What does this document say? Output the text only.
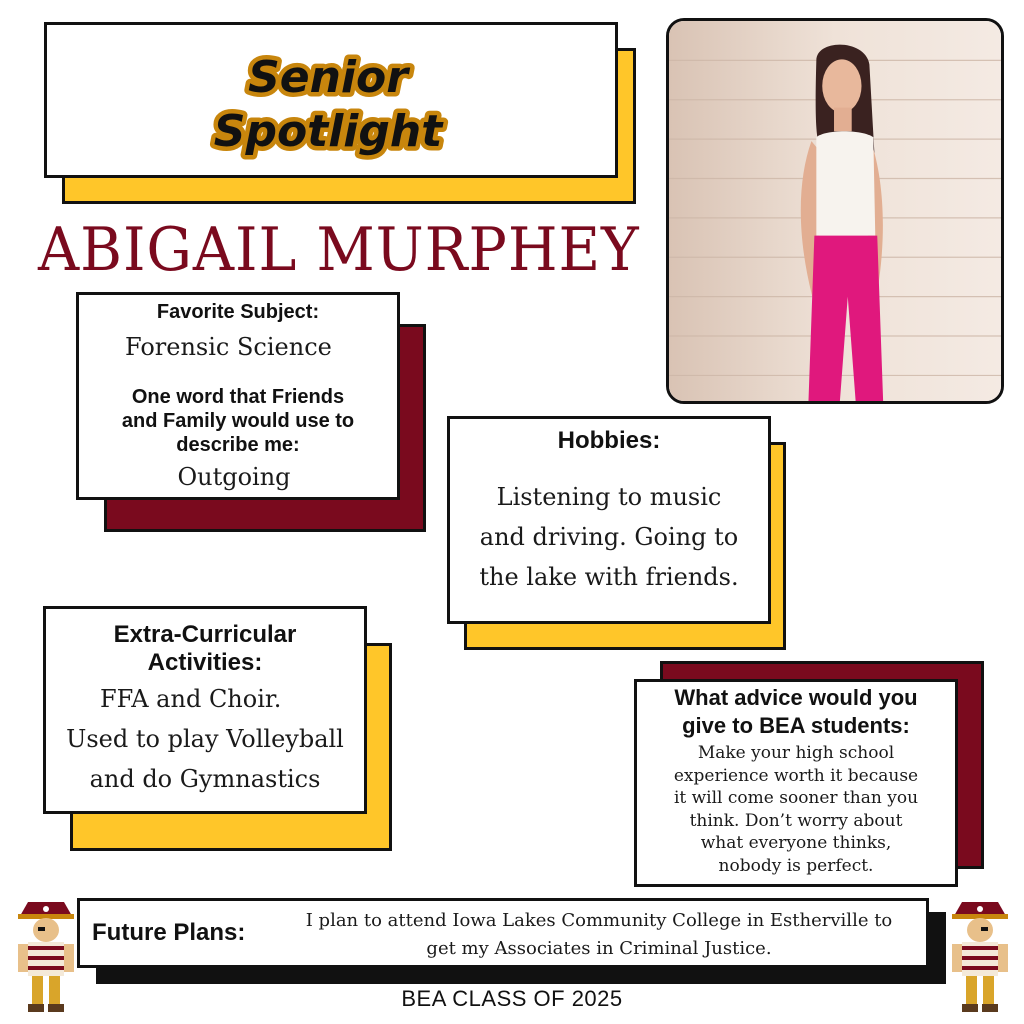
Senior
Spotlight
ABIGAIL MURPHEY
Favorite Subject:
Forensic Science
One word that Friends
and Family would use to
describe me:
Outgoing
Hobbies:
Listening to music
and driving. Going to
the lake with friends.
Extra-Curricular
Activities:
FFA and Choir.
Used to play Volleyball
and do Gymnastics
What advice would you
give to BEA students:
Make your high school
experience worth it because
it will come sooner than you
think. Don’t worry about
what everyone thinks,
nobody is perfect.
Future Plans:	I plan to attend Iowa Lakes Community College in Estherville to
get my Associates in Criminal Justice.
BEA CLASS OF 2025
